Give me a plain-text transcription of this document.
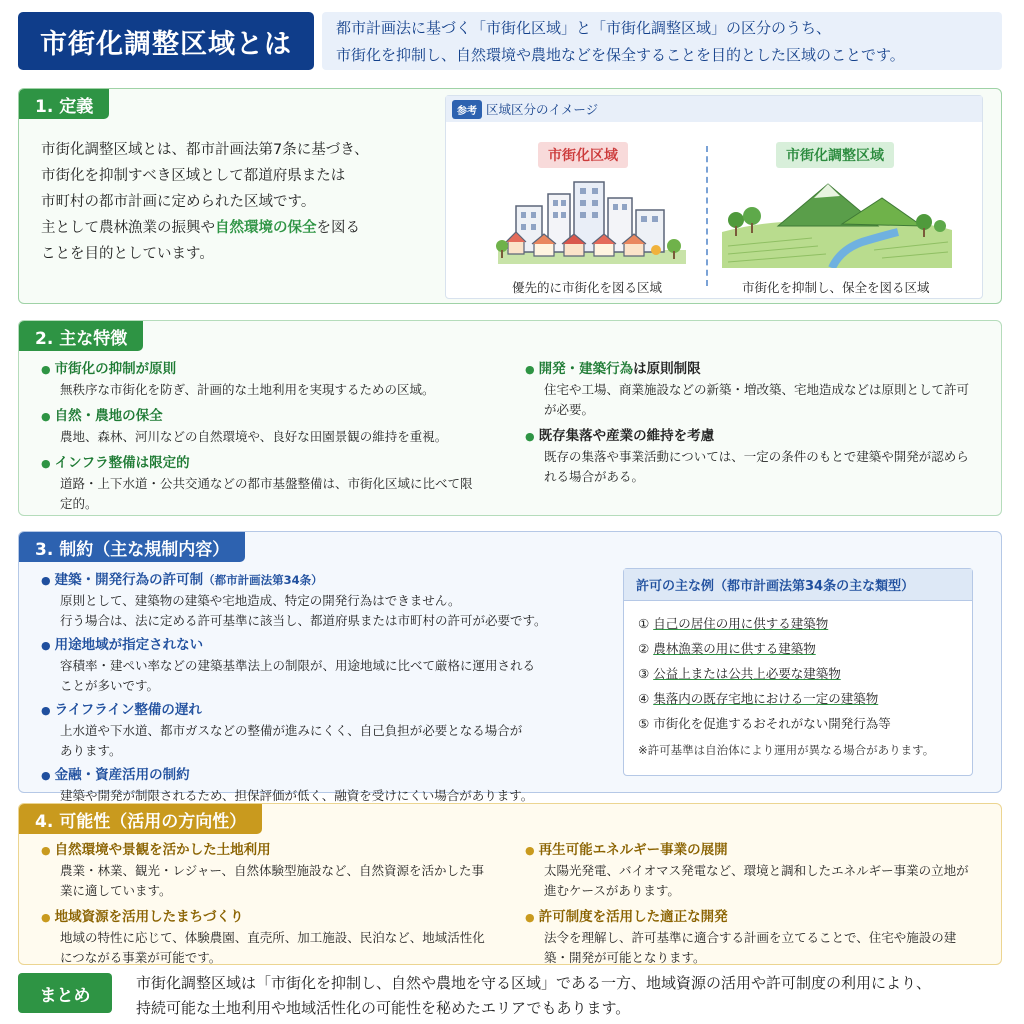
市街化調整区域とは
都市計画法に基づく「市街化区域」と「市街化調整区域」の区分のうち、
市街化を抑制し、自然環境や農地などを保全することを目的とした区域のことです。
1. 定義
市街化調整区域とは、都市計画法第7条に基づき、
市街化を抑制すべき区域として都道府県または
市町村の都市計画に定められた区域です。
主として農林漁業の振興や自然環境の保全を図る
ことを目的としています。
参考 区域区分のイメージ
市街化区域	市街化調整区域
優先的に市街化を図る区域	市街化を抑制し、保全を図る区域
2. 主な特徴
● 市街化の抑制が原則
無秩序な市街化を防ぎ、計画的な土地利用を実現するための区域。
● 自然・農地の保全
農地、森林、河川などの自然環境や、良好な田園景観の維持を重視。
● インフラ整備は限定的
道路・上下水道・公共交通などの都市基盤整備は、市街化区域に比べて限定的。
● 開発・建築行為は原則制限
住宅や工場、商業施設などの新築・増改築、宅地造成などは原則として許可が必要。
● 既存集落や産業の維持を考慮
既存の集落や事業活動については、一定の条件のもとで建築や開発が認められる場合がある。
3. 制約（主な規制内容）
● 建築・開発行為の許可制（都市計画法第34条）
原則として、建築物の建築や宅地造成、特定の開発行為はできません。
行う場合は、法に定める許可基準に該当し、都道府県または市町村の許可が必要です。
● 用途地域が指定されない
容積率・建ぺい率などの建築基準法上の制限が、用途地域に比べて厳格に運用される
ことが多いです。
● ライフライン整備の遅れ
上水道や下水道、都市ガスなどの整備が進みにくく、自己負担が必要となる場合が
あります。
● 金融・資産活用の制約
建築や開発が制限されるため、担保評価が低く、融資を受けにくい場合があります。
許可の主な例（都市計画法第34条の主な類型）
① 自己の居住の用に供する建築物
② 農林漁業の用に供する建築物
③ 公益上または公共上必要な建築物
④ 集落内の既存宅地における一定の建築物
⑤ 市街化を促進するおそれがない開発行為等
※許可基準は自治体により運用が異なる場合があります。
4. 可能性（活用の方向性）
● 自然環境や景観を活かした土地利用
農業・林業、観光・レジャー、自然体験型施設など、自然資源を活かした事業に適しています。
● 地域資源を活用したまちづくり
地域の特性に応じて、体験農園、直売所、加工施設、民泊など、地域活性化につながる事業が可能です。
● 再生可能エネルギー事業の展開
太陽光発電、バイオマス発電など、環境と調和したエネルギー事業の立地が進むケースがあります。
● 許可制度を活用した適正な開発
法令を理解し、許可基準に適合する計画を立てることで、住宅や施設の建築・開発が可能となります。
まとめ
市街化調整区域は「市街化を抑制し、自然や農地を守る区域」である一方、地域資源の活用や許可制度の利用により、
持続可能な土地利用や地域活性化の可能性を秘めたエリアでもあります。
